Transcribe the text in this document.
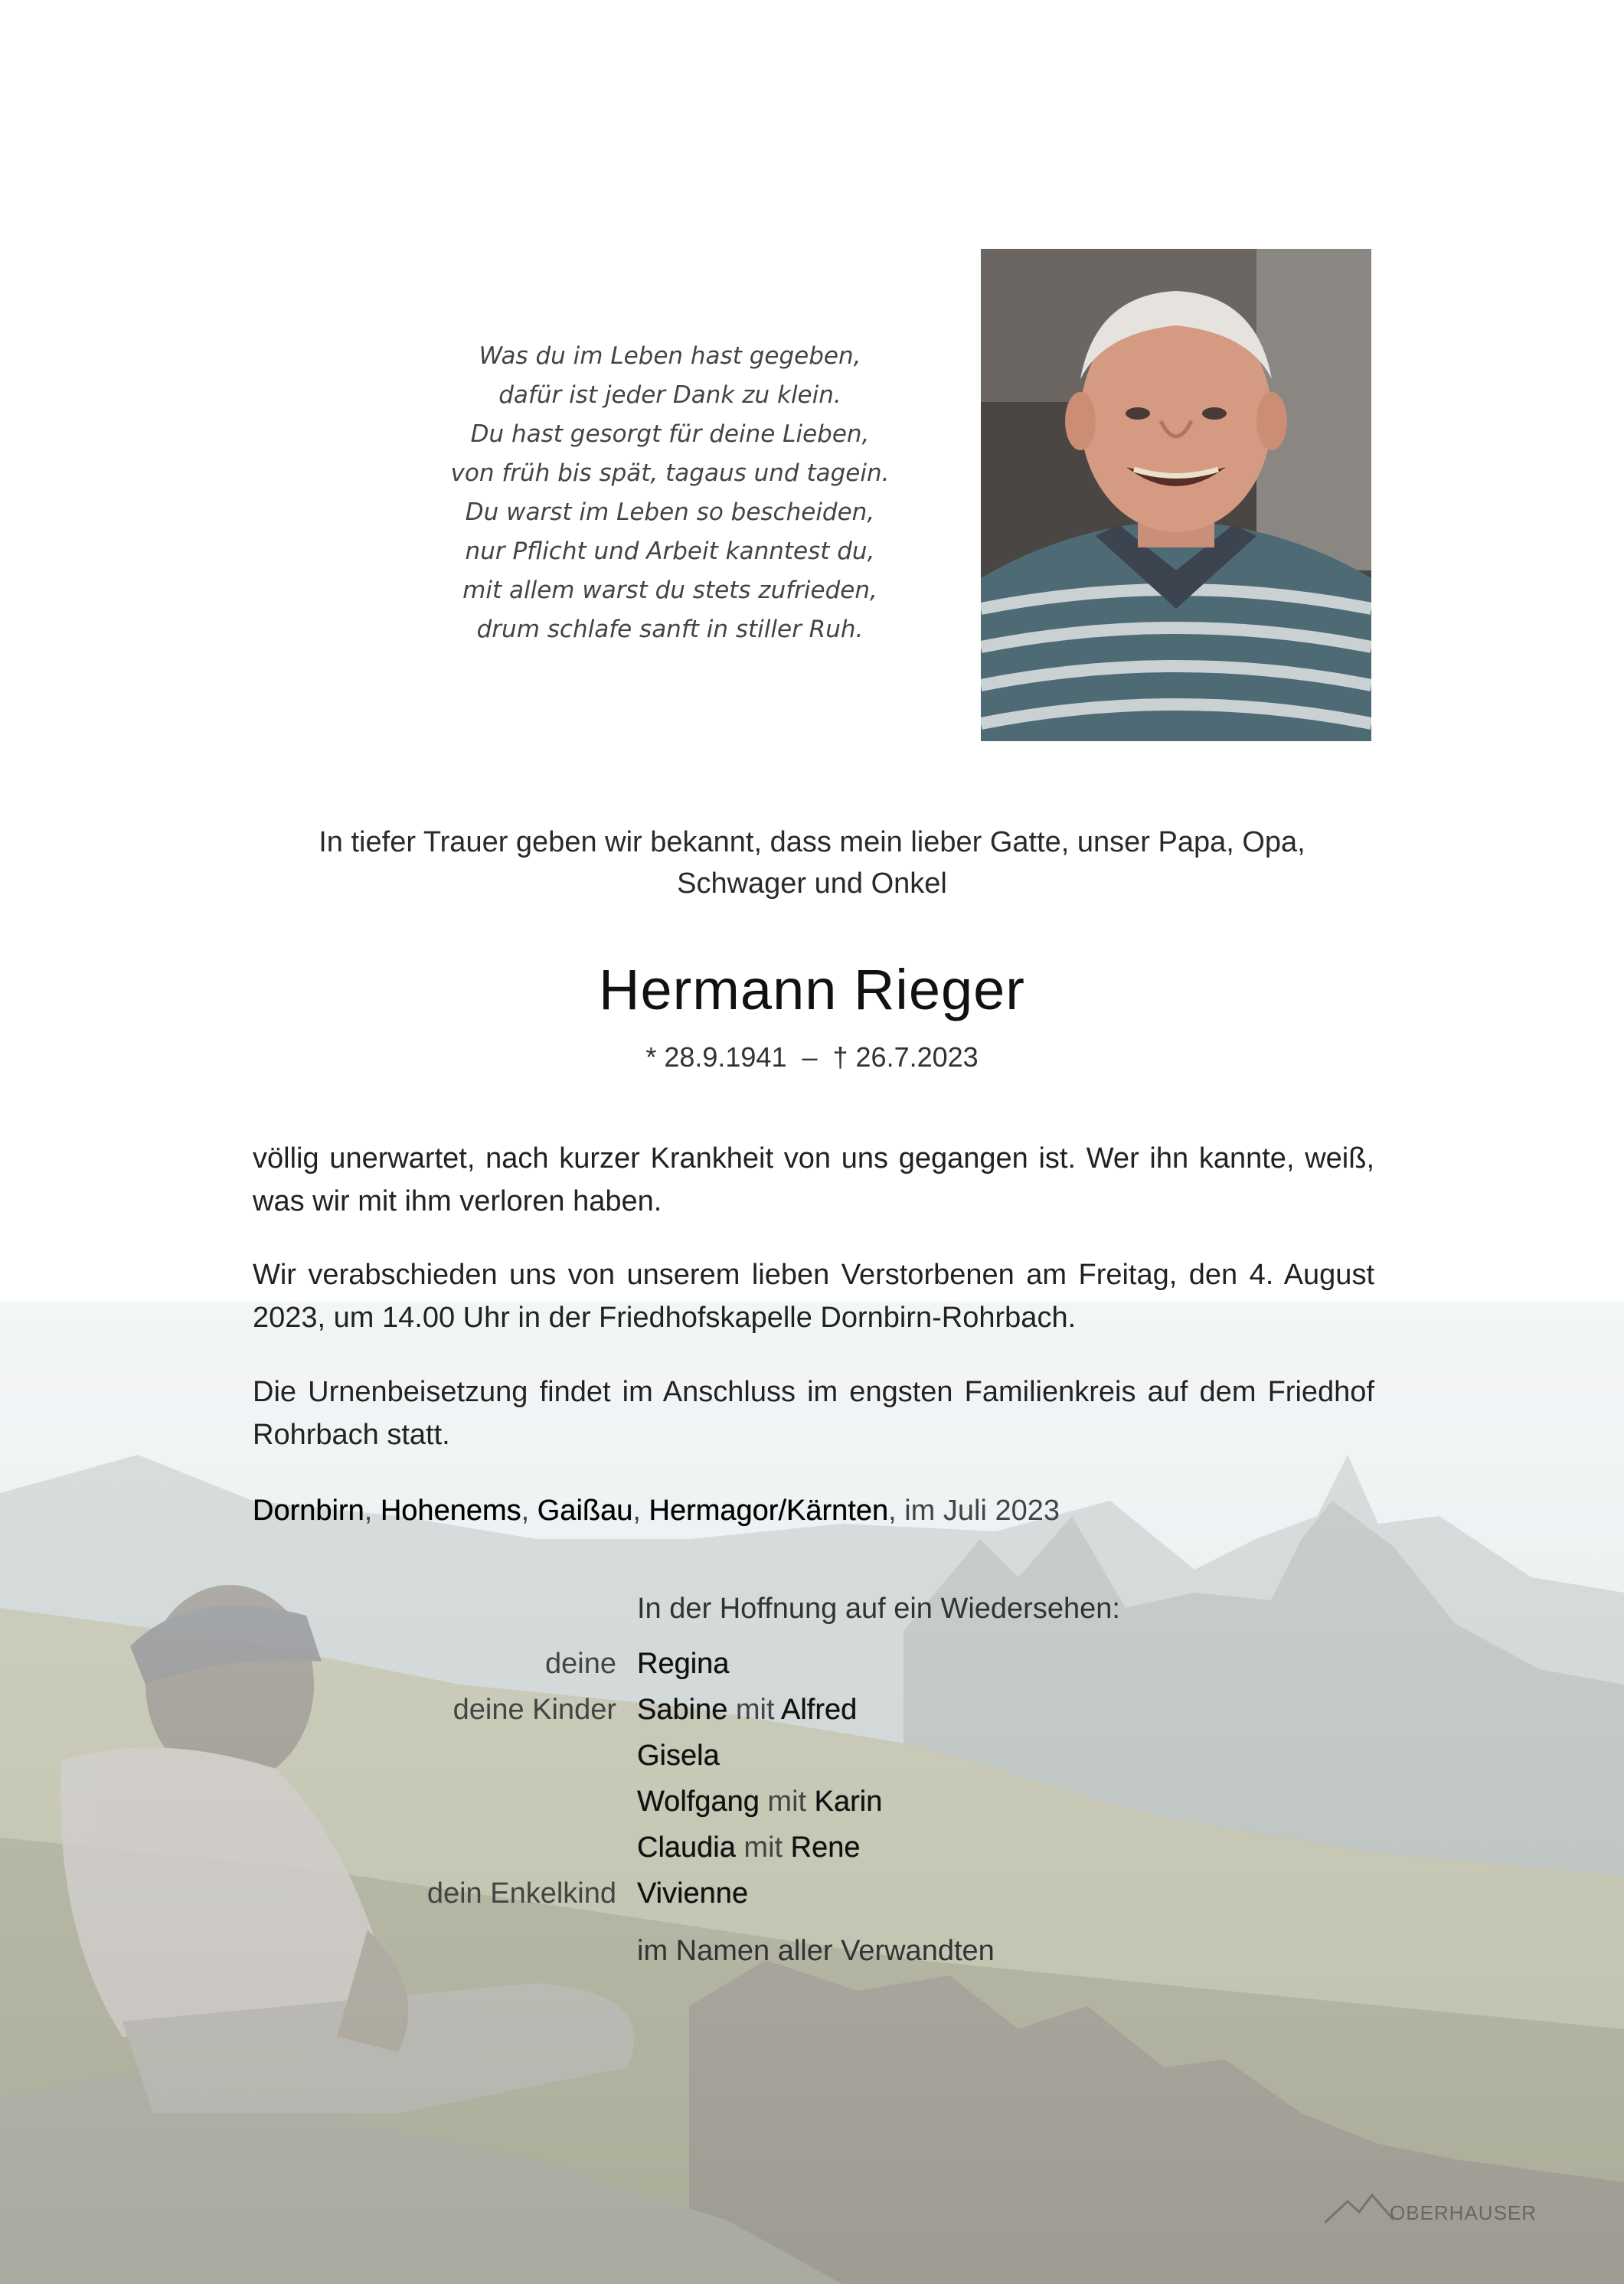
Was du im Leben hast gegeben,
dafür ist jeder Dank zu klein.
Du hast gesorgt für deine Lieben,
von früh bis spät, tagaus und tagein.
Du warst im Leben so bescheiden,
nur Pflicht und Arbeit kanntest du,
mit allem warst du stets zufrieden,
drum schlafe sanft in stiller Ruh.
In tiefer Trauer geben wir bekannt, dass mein lieber Gatte, unser Papa, Opa,
Schwager und Onkel
Hermann Rieger
* 28.9.1941  –  † 26.7.2023
völlig unerwartet, nach kurzer Krankheit von uns gegangen ist. Wer ihn kannte, weiß, was wir mit ihm verloren haben.
Wir verabschieden uns von unserem lieben Verstorbenen am Freitag, den 4. August 2023, um 14.00 Uhr in der Friedhofskapelle Dornbirn-Rohrbach.
Die Urnenbeisetzung findet im Anschluss im engsten Familienkreis auf dem Friedhof Rohrbach statt.
Dornbirn, Hohenems, Gaißau, Hermagor/Kärnten, im Juli 2023
In der Hoffnung auf ein Wiedersehen:
deine Regina
deine Kinder Sabine mit Alfred
Gisela
Wolfgang mit Karin
Claudia mit Rene
dein Enkelkind Vivienne
im Namen aller Verwandten
OBERHAUSER
